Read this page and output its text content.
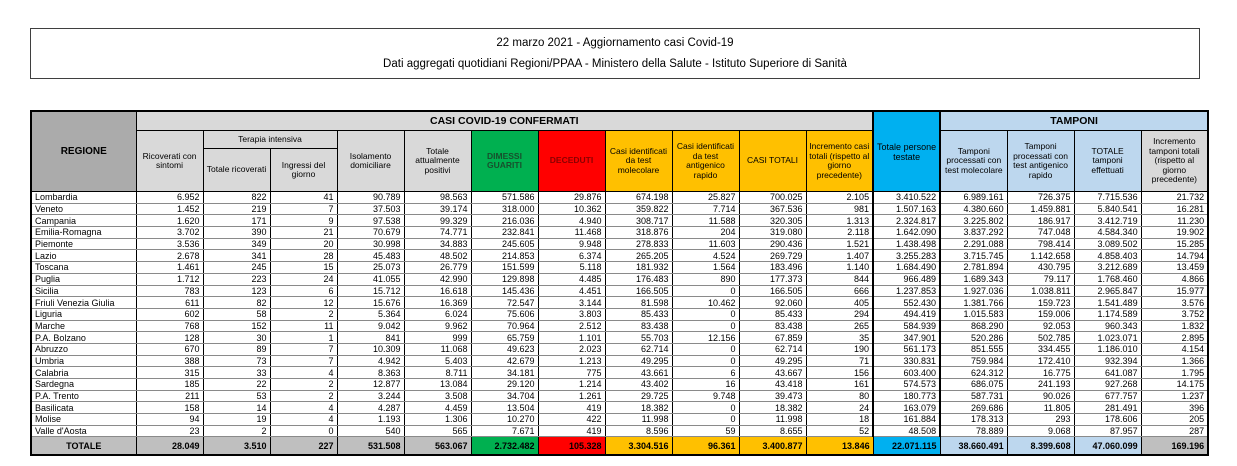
22 marzo 2021 - Aggiornamento casi Covid-19
Dati aggregati quotidiani Regioni/PPAA - Ministero della Salute - Istituto Superiore di Sanità
REGIONE	CASI COVID-19 CONFERMATI											Totale persone testate	TAMPONI			
	Ricoverati con sintomi	Terapia intensiva		Isolamento domiciliare	Totale attualmente positivi	DIMESSI GUARITI	DECEDUTI	Casi identificati da test molecolare	Casi identificati da test antigenico rapido	CASI TOTALI	Incremento casi totali (rispetto al giorno precedente)		Tamponi processati con test molecolare	Tamponi processati con test antigenico rapido	TOTALE tamponi effettuati	Incremento tamponi totali (rispetto al giorno precedente)
		Totale ricoverati	Ingressi del giorno													
Lombardia	6.952	822	41	90.789	98.563	571.586	29.876	674.198	25.827	700.025	2.105	3.410.522	6.989.161	726.375	7.715.536	21.732
Veneto	1.452	219	7	37.503	39.174	318.000	10.362	359.822	7.714	367.536	981	1.507.163	4.380.660	1.459.881	5.840.541	16.281
Campania	1.620	171	9	97.538	99.329	216.036	4.940	308.717	11.588	320.305	1.313	2.324.817	3.225.802	186.917	3.412.719	11.230
Emilia-Romagna	3.702	390	21	70.679	74.771	232.841	11.468	318.876	204	319.080	2.118	1.642.090	3.837.292	747.048	4.584.340	19.902
Piemonte	3.536	349	20	30.998	34.883	245.605	9.948	278.833	11.603	290.436	1.521	1.438.498	2.291.088	798.414	3.089.502	15.285
Lazio	2.678	341	28	45.483	48.502	214.853	6.374	265.205	4.524	269.729	1.407	3.255.283	3.715.745	1.142.658	4.858.403	14.794
Toscana	1.461	245	15	25.073	26.779	151.599	5.118	181.932	1.564	183.496	1.140	1.684.490	2.781.894	430.795	3.212.689	13.459
Puglia	1.712	223	24	41.055	42.990	129.898	4.485	176.483	890	177.373	844	966.489	1.689.343	79.117	1.768.460	4.866
Sicilia	783	123	6	15.712	16.618	145.436	4.451	166.505	0	166.505	666	1.237.853	1.927.036	1.038.811	2.965.847	15.977
Friuli Venezia Giulia	611	82	12	15.676	16.369	72.547	3.144	81.598	10.462	92.060	405	552.430	1.381.766	159.723	1.541.489	3.576
Liguria	602	58	2	5.364	6.024	75.606	3.803	85.433	0	85.433	294	494.419	1.015.583	159.006	1.174.589	3.752
Marche	768	152	11	9.042	9.962	70.964	2.512	83.438	0	83.438	265	584.939	868.290	92.053	960.343	1.832
P.A. Bolzano	128	30	1	841	999	65.759	1.101	55.703	12.156	67.859	35	347.901	520.286	502.785	1.023.071	2.895
Abruzzo	670	89	7	10.309	11.068	49.623	2.023	62.714	0	62.714	190	561.173	851.555	334.455	1.186.010	4.154
Umbria	388	73	7	4.942	5.403	42.679	1.213	49.295	0	49.295	71	330.831	759.984	172.410	932.394	1.366
Calabria	315	33	4	8.363	8.711	34.181	775	43.661	6	43.667	156	603.400	624.312	16.775	641.087	1.795
Sardegna	185	22	2	12.877	13.084	29.120	1.214	43.402	16	43.418	161	574.573	686.075	241.193	927.268	14.175
P.A. Trento	211	53	2	3.244	3.508	34.704	1.261	29.725	9.748	39.473	80	180.773	587.731	90.026	677.757	1.237
Basilicata	158	14	4	4.287	4.459	13.504	419	18.382	0	18.382	24	163.079	269.686	11.805	281.491	396
Molise	94	19	4	1.193	1.306	10.270	422	11.998	0	11.998	18	161.884	178.313	293	178.606	205
Valle d'Aosta	23	2	0	540	565	7.671	419	8.596	59	8.655	52	48.508	78.889	9.068	87.957	287
TOTALE	28.049	3.510	227	531.508	563.067	2.732.482	105.328	3.304.516	96.361	3.400.877	13.846	22.071.115	38.660.491	8.399.608	47.060.099	169.196
